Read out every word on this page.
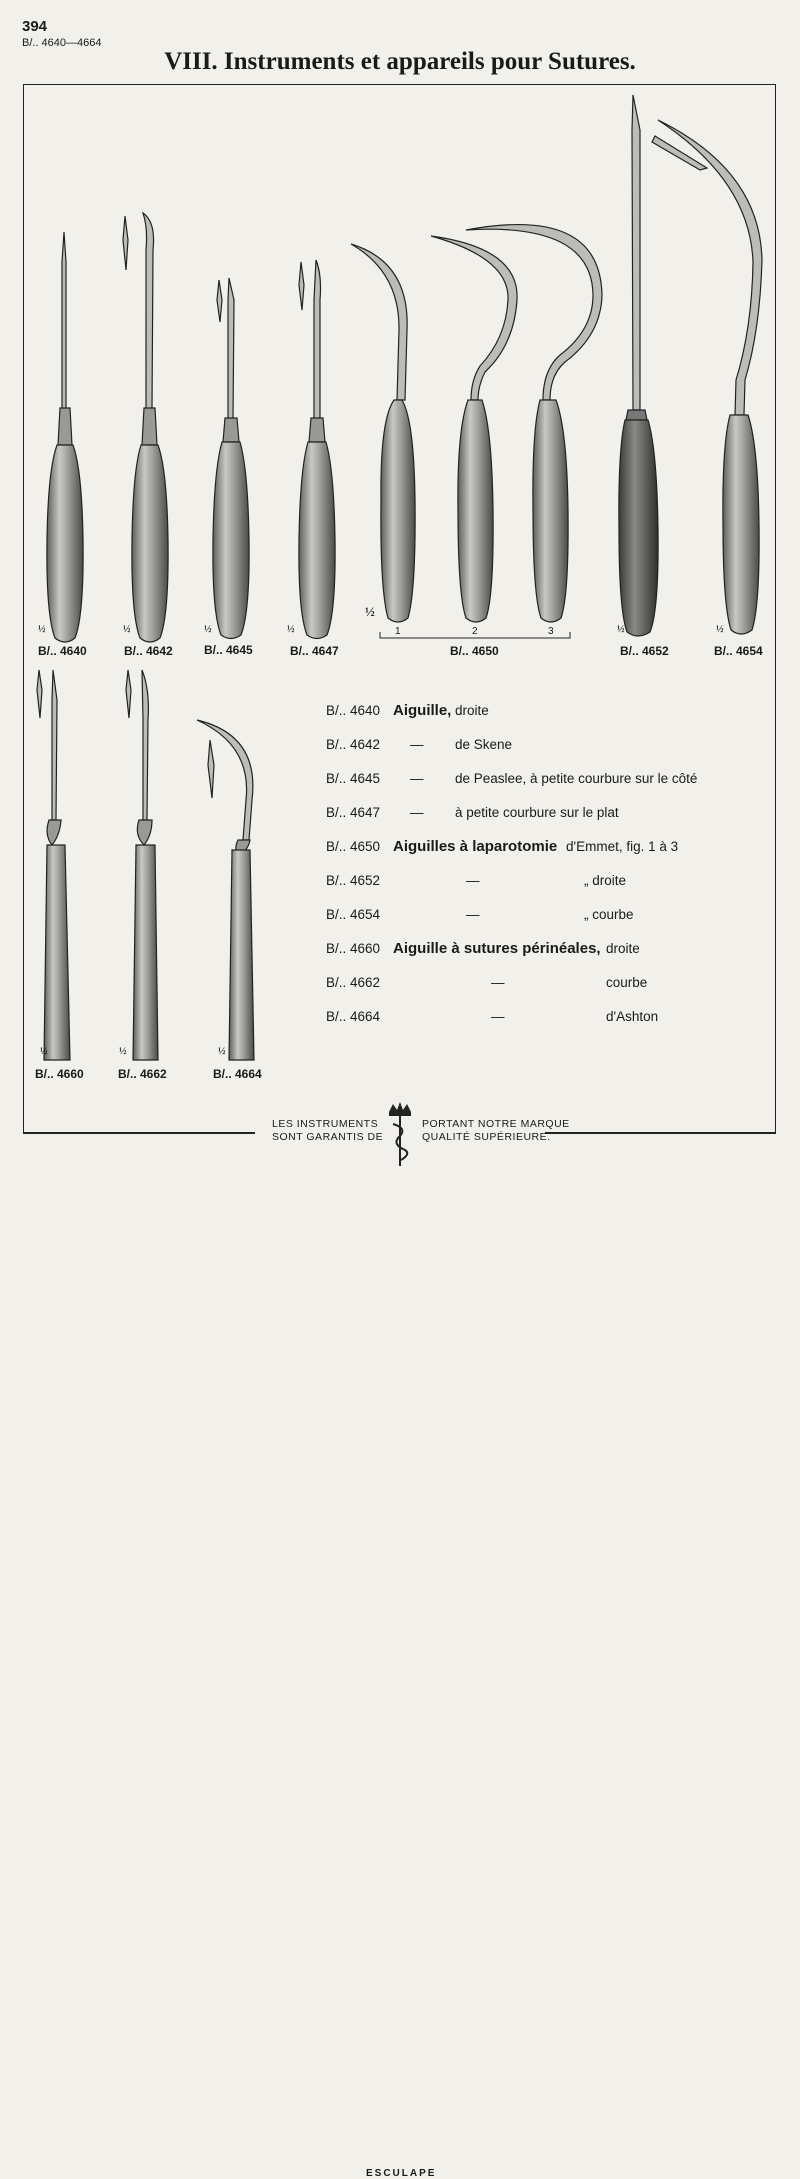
394
B/.. 4640—4664
VIII. Instruments et appareils pour Sutures.
½	½	½	½
½
½	½
½	½	½
1	2	3
B/.. 4640	B/.. 4642	B/.. 4645	B/.. 4647	B/.. 4650	B/.. 4652	B/.. 4654
B/.. 4660	B/.. 4662	B/.. 4664
B/.. 4640 Aiguille, droite
B/.. 4642 — de Skene
B/.. 4645 — de Peaslee, à petite courbure sur le côté
B/.. 4647 — à petite courbure sur le plat
B/.. 4650 Aiguilles à laparotomie d'Emmet, fig. 1 à 3
B/.. 4652	—	„ droite
B/.. 4654	—	„ courbe
B/.. 4660 Aiguille à sutures périnéales, droite
B/.. 4662	—	courbe
B/.. 4664	—	d'Ashton
ESCULAPE
LES INSTRUMENTS
SONT GARANTIS DE
PORTANT NOTRE MARQUE
QUALITÉ SUPÉRIEURE.
